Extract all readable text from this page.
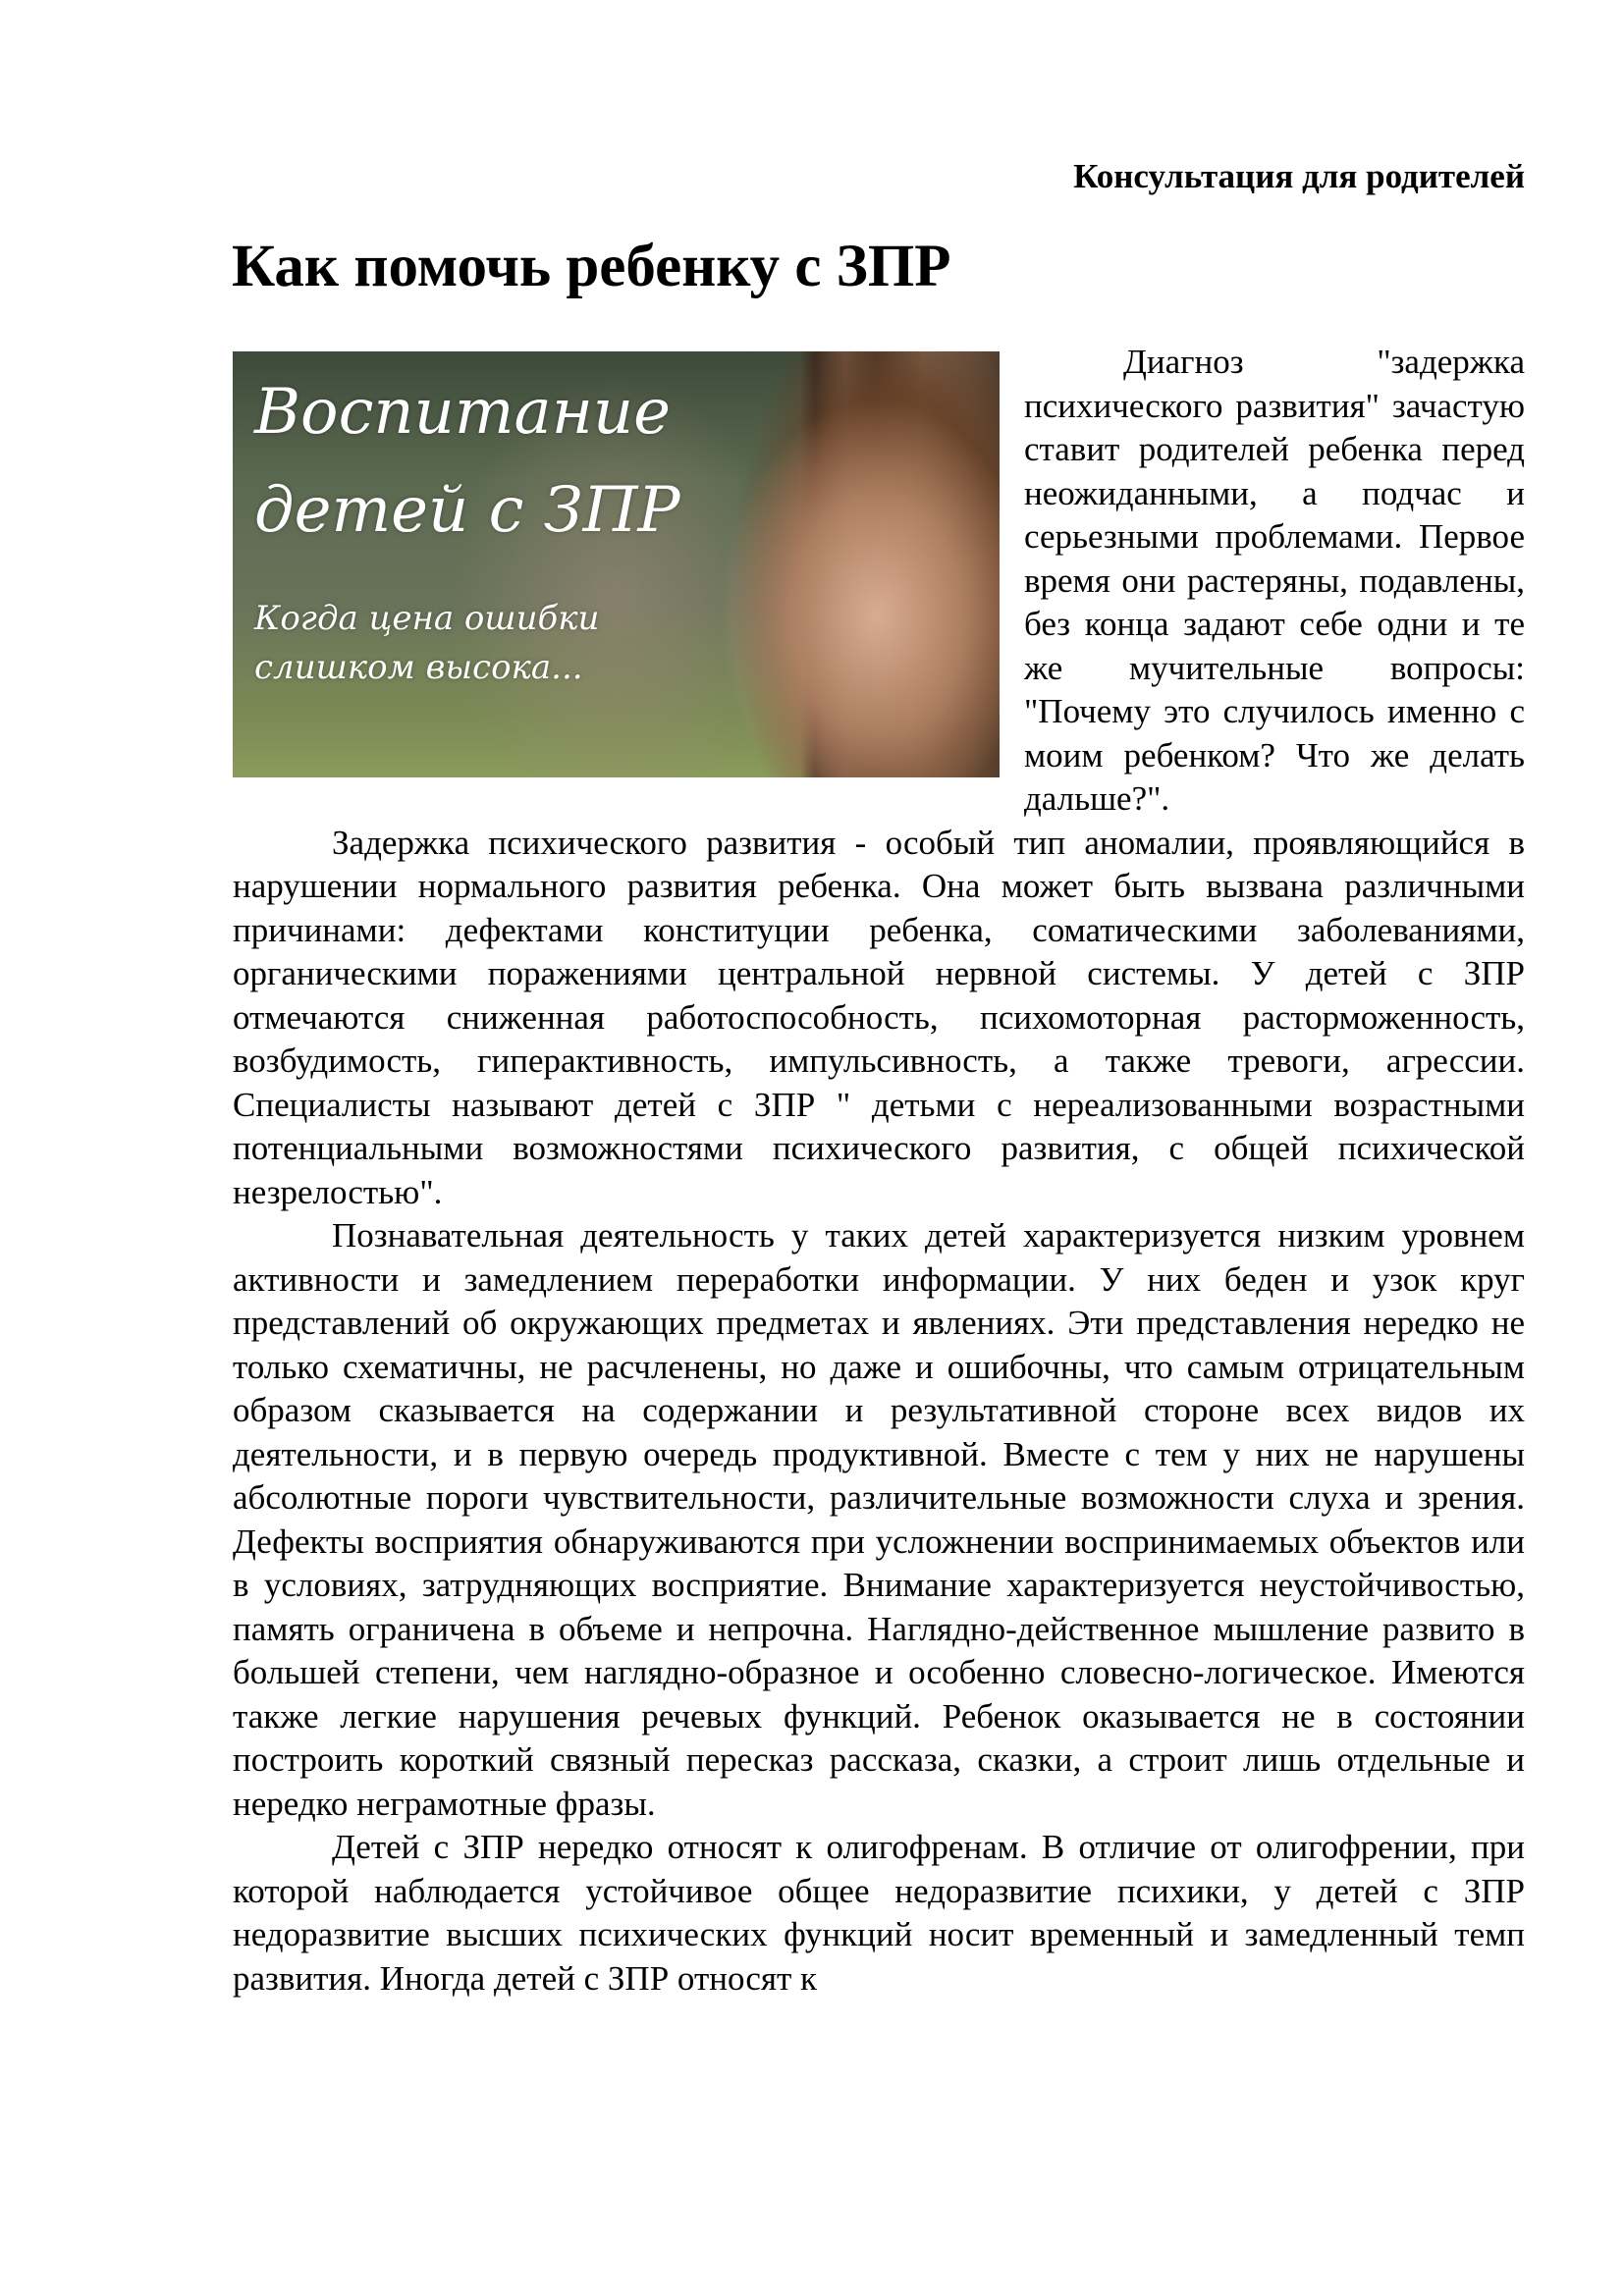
Консультация для родителей
Как помочь ребенку с ЗПР
Воспитание
детей с ЗПР
Когда цена ошибки
слишком высока...

Диагноз "задержка психического развития" зачастую ставит родителей ребенка перед неожиданными, а подчас и серьезными проблемами. Первое время они растеряны, подавлены, без конца задают себе одни и те же мучительные вопросы: "Почему это случилось именно с моим ребенком? Что же делать дальше?".

Задержка психического развития - особый тип аномалии, проявляющийся в нарушении нормального развития ребенка. Она может быть вызвана различными причинами: дефектами конституции ребенка, соматическими заболеваниями, органическими поражениями центральной нервной системы. У детей с ЗПР отмечаются сниженная работоспособность, психомоторная расторможенность, возбудимость, гиперактивность, импульсивность, а также тревоги, агрессии. Специалисты называют детей с ЗПР " детьми с нереализованными возрастными потенциальными возможностями психического развития, с общей психической незрелостью".

Познавательная деятельность у таких детей характеризуется низким уровнем активности и замедлением переработки информации. У них беден и узок круг представлений об окружающих предметах и явлениях. Эти представления нередко не только схематичны, не расчленены, но даже и ошибочны, что самым отрицательным образом сказывается на содержании и результативной стороне всех видов их деятельности, и в первую очередь продуктивной. Вместе с тем у них не нарушены абсолютные пороги чувствительности, различительные возможности слуха и зрения. Дефекты восприятия обнаруживаются при усложнении воспринимаемых объектов или в условиях, затрудняющих восприятие. Внимание характеризуется неустойчивостью, память ограничена в объеме и непрочна. Наглядно-действенное мышление развито в большей степени, чем наглядно-образное и особенно словесно-логическое. Имеются также легкие нарушения речевых функций. Ребенок оказывается не в состоянии построить короткий связный пересказ рассказа, сказки, а строит лишь отдельные и нередко неграмотные фразы.

Детей с ЗПР нередко относят к олигофренам. В отличие от олигофрении, при которой наблюдается устойчивое общее недоразвитие психики, у детей с ЗПР недоразвитие высших психических функций носит временный и замедленный темп развития. Иногда детей с ЗПР относят к
